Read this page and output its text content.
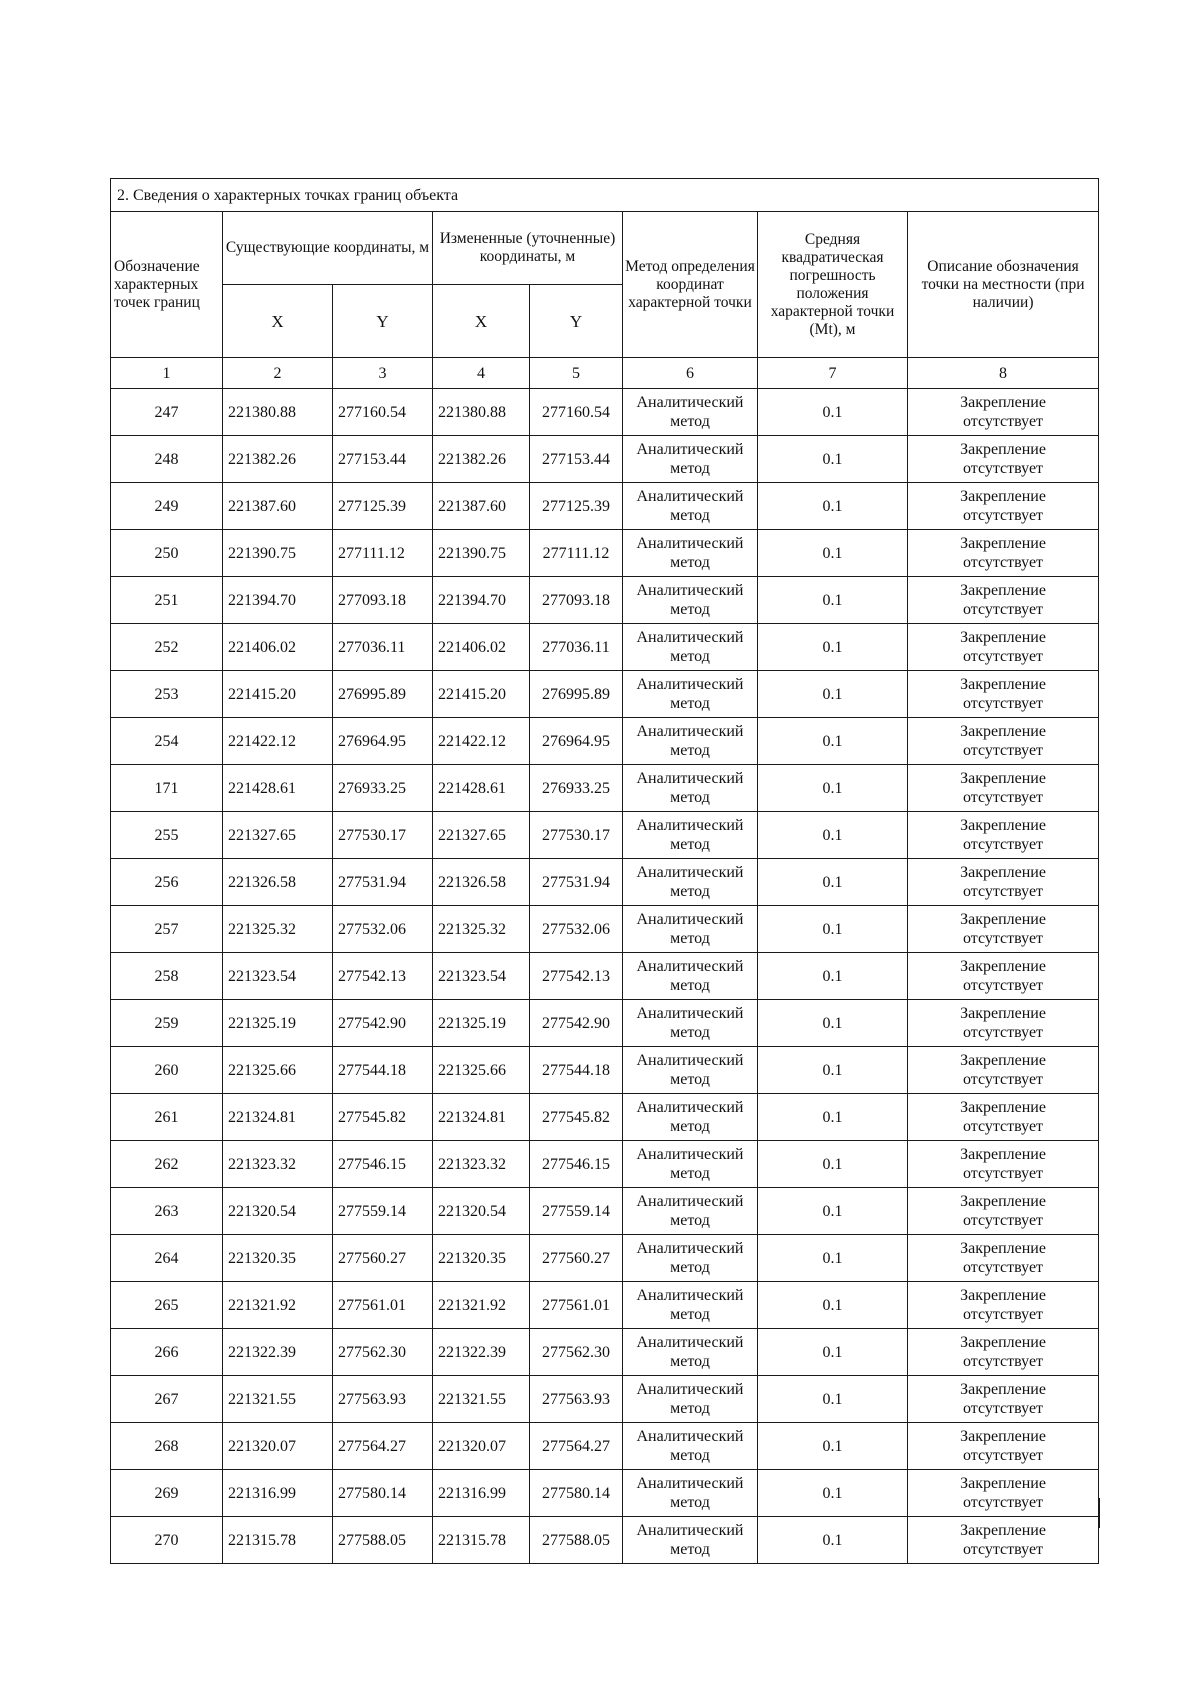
2. Сведения о характерных точках границ объекта							
Обозначение характерных точек границ	Существующие координаты, м		Измененные (уточненные) координаты, м		Метод определения координат характерной точки	Средняя квадратическая погрешность положения характерной точки (Mt), м	Описание обозначения точки на местности (при наличии)
	X	Y	X	Y			
1	2	3	4	5	6	7	8
247	221380.88	277160.54	221380.88	277160.54	Аналитический метод	0.1	Закрепление отсутствует
248	221382.26	277153.44	221382.26	277153.44	Аналитический метод	0.1	Закрепление отсутствует
249	221387.60	277125.39	221387.60	277125.39	Аналитический метод	0.1	Закрепление отсутствует
250	221390.75	277111.12	221390.75	277111.12	Аналитический метод	0.1	Закрепление отсутствует
251	221394.70	277093.18	221394.70	277093.18	Аналитический метод	0.1	Закрепление отсутствует
252	221406.02	277036.11	221406.02	277036.11	Аналитический метод	0.1	Закрепление отсутствует
253	221415.20	276995.89	221415.20	276995.89	Аналитический метод	0.1	Закрепление отсутствует
254	221422.12	276964.95	221422.12	276964.95	Аналитический метод	0.1	Закрепление отсутствует
171	221428.61	276933.25	221428.61	276933.25	Аналитический метод	0.1	Закрепление отсутствует
255	221327.65	277530.17	221327.65	277530.17	Аналитический метод	0.1	Закрепление отсутствует
256	221326.58	277531.94	221326.58	277531.94	Аналитический метод	0.1	Закрепление отсутствует
257	221325.32	277532.06	221325.32	277532.06	Аналитический метод	0.1	Закрепление отсутствует
258	221323.54	277542.13	221323.54	277542.13	Аналитический метод	0.1	Закрепление отсутствует
259	221325.19	277542.90	221325.19	277542.90	Аналитический метод	0.1	Закрепление отсутствует
260	221325.66	277544.18	221325.66	277544.18	Аналитический метод	0.1	Закрепление отсутствует
261	221324.81	277545.82	221324.81	277545.82	Аналитический метод	0.1	Закрепление отсутствует
262	221323.32	277546.15	221323.32	277546.15	Аналитический метод	0.1	Закрепление отсутствует
263	221320.54	277559.14	221320.54	277559.14	Аналитический метод	0.1	Закрепление отсутствует
264	221320.35	277560.27	221320.35	277560.27	Аналитический метод	0.1	Закрепление отсутствует
265	221321.92	277561.01	221321.92	277561.01	Аналитический метод	0.1	Закрепление отсутствует
266	221322.39	277562.30	221322.39	277562.30	Аналитический метод	0.1	Закрепление отсутствует
267	221321.55	277563.93	221321.55	277563.93	Аналитический метод	0.1	Закрепление отсутствует
268	221320.07	277564.27	221320.07	277564.27	Аналитический метод	0.1	Закрепление отсутствует
269	221316.99	277580.14	221316.99	277580.14	Аналитический метод	0.1	Закрепление отсутствует
270	221315.78	277588.05	221315.78	277588.05	Аналитический метод	0.1	Закрепление отсутствует
